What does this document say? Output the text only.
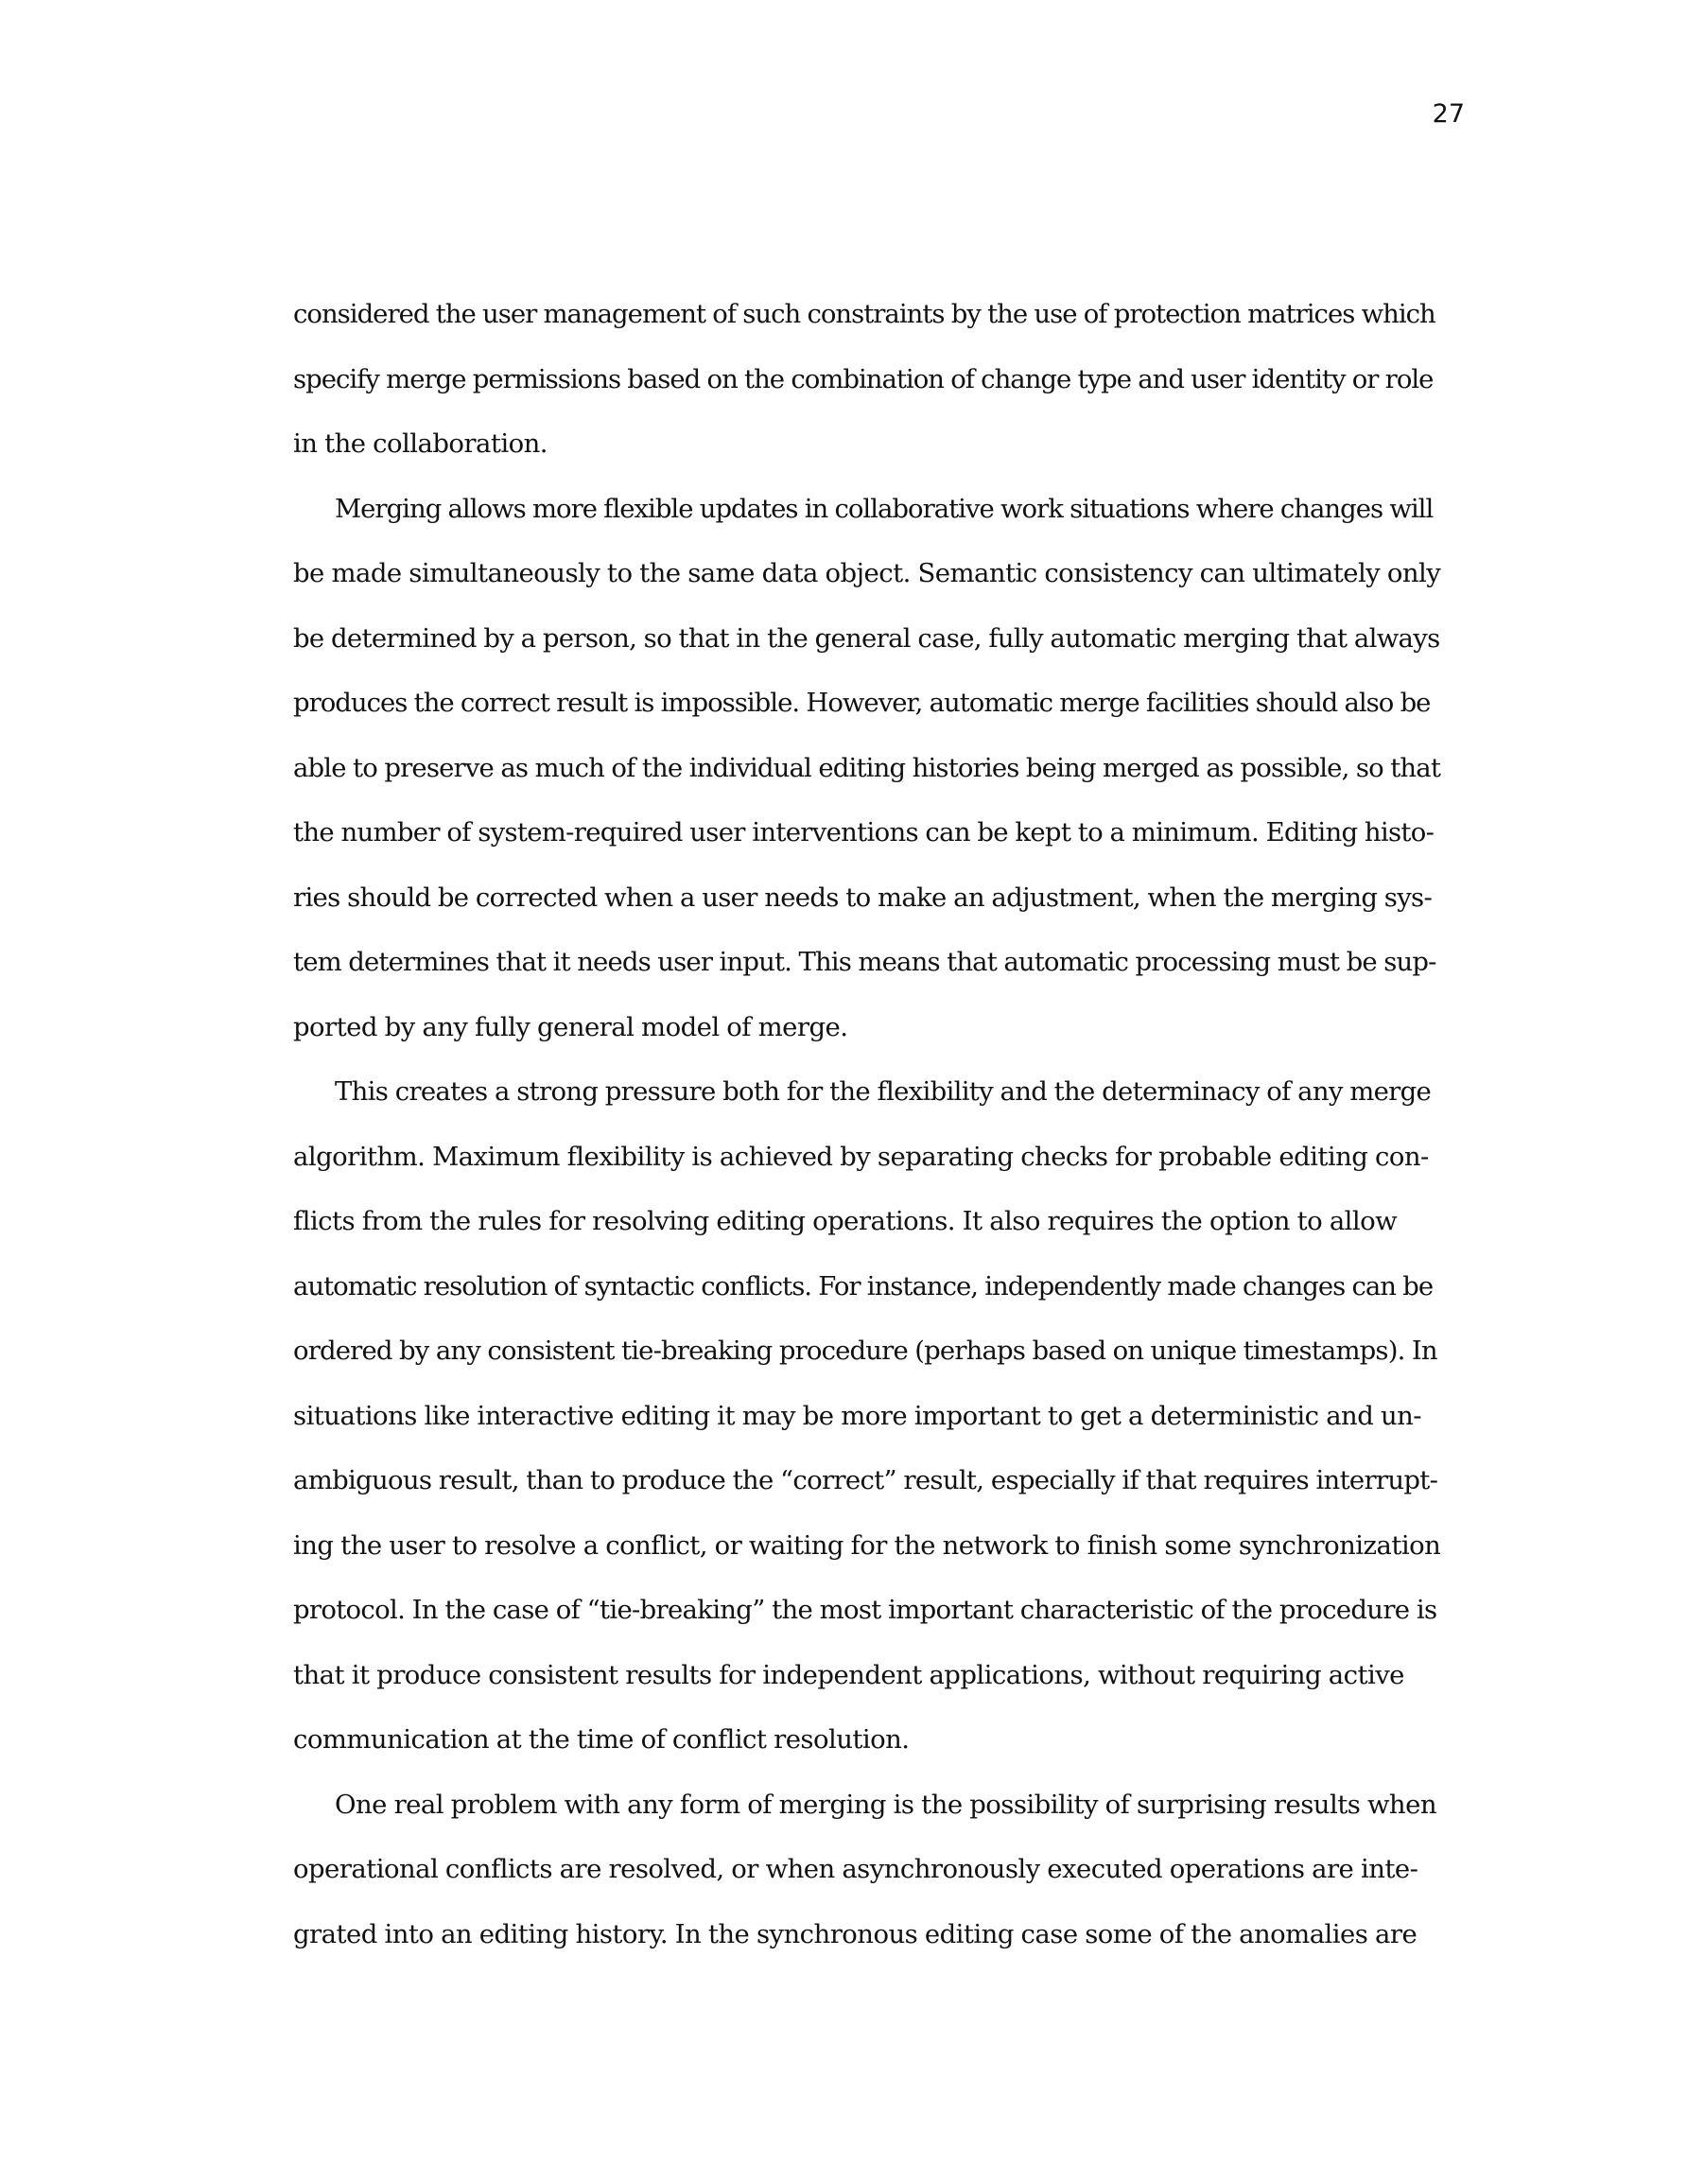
27
considered the user management of such constraints by the use of protection matrices which
specify merge permissions based on the combination of change type and user identity or role
in the collaboration.
Merging allows more flexible updates in collaborative work situations where changes will
be made simultaneously to the same data object. Semantic consistency can ultimately only
be determined by a person, so that in the general case, fully automatic merging that always
produces the correct result is impossible. However, automatic merge facilities should also be
able to preserve as much of the individual editing histories being merged as possible, so that
the number of system-required user interventions can be kept to a minimum. Editing histo-
ries should be corrected when a user needs to make an adjustment, when the merging sys-
tem determines that it needs user input. This means that automatic processing must be sup-
ported by any fully general model of merge.
This creates a strong pressure both for the flexibility and the determinacy of any merge
algorithm. Maximum flexibility is achieved by separating checks for probable editing con-
flicts from the rules for resolving editing operations. It also requires the option to allow
automatic resolution of syntactic conflicts. For instance, independently made changes can be
ordered by any consistent tie-breaking procedure (perhaps based on unique timestamps). In
situations like interactive editing it may be more important to get a deterministic and un-
ambiguous result, than to produce the “correct” result, especially if that requires interrupt-
ing the user to resolve a conflict, or waiting for the network to finish some synchronization
protocol. In the case of “tie-breaking” the most important characteristic of the procedure is
that it produce consistent results for independent applications, without requiring active
communication at the time of conflict resolution.
One real problem with any form of merging is the possibility of surprising results when
operational conflicts are resolved, or when asynchronously executed operations are inte-
grated into an editing history. In the synchronous editing case some of the anomalies are
